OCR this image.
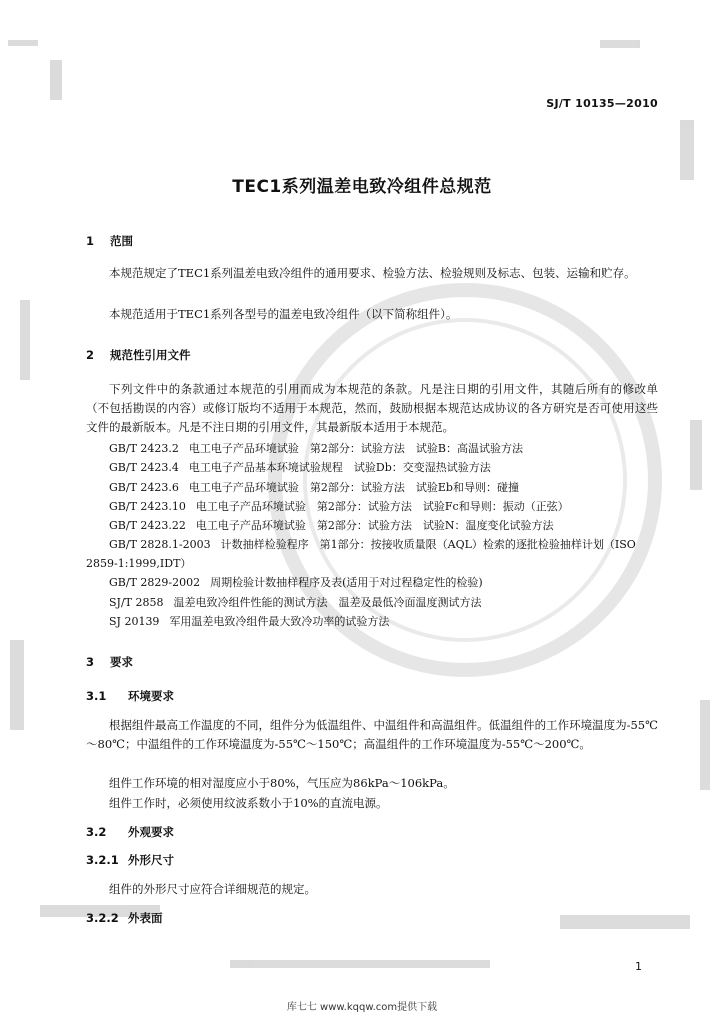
SJ/T 10135—2010
TEC1系列温差电致冷组件总规范
1 范围
本规范规定了TEC1系列温差电致冷组件的通用要求、检验方法、检验规则及标志、包装、运输和贮存。
本规范适用于TEC1系列各型号的温差电致冷组件（以下简称组件）。
2 规范性引用文件
下列文件中的条款通过本规范的引用而成为本规范的条款。凡是注日期的引用文件，其随后所有的修改单（不包括勘误的内容）或修订版均不适用于本规范，然而，鼓励根据本规范达成协议的各方研究是否可使用这些文件的最新版本。凡是不注日期的引用文件，其最新版本适用于本规范。
GB/T 2423.2 电工电子产品环境试验　第2部分：试验方法　试验B：高温试验方法
GB/T 2423.4 电工电子产品基本环境试验规程　试验Db：交变湿热试验方法
GB/T 2423.6 电工电子产品环境试验　第2部分：试验方法　试验Eb和导则：碰撞
GB/T 2423.10 电工电子产品环境试验　第2部分：试验方法　试验Fc和导则：振动（正弦）
GB/T 2423.22 电工电子产品环境试验　第2部分：试验方法　试验N：温度变化试验方法
GB/T 2828.1-2003 计数抽样检验程序　第1部分：按接收质量限（AQL）检索的逐批检验抽样计划（ISO 2859-1:1999,IDT）
GB/T 2829-2002 周期检验计数抽样程序及表(适用于对过程稳定性的检验)
SJ/T 2858 温差电致冷组件性能的测试方法　温差及最低冷面温度测试方法
SJ 20139 军用温差电致冷组件最大致冷功率的试验方法
3 要求
3.1 环境要求
根据组件最高工作温度的不同，组件分为低温组件、中温组件和高温组件。低温组件的工作环境温度为-55℃～80℃；中温组件的工作环境温度为-55℃～150℃；高温组件的工作环境温度为-55℃～200℃。
组件工作环境的相对湿度应小于80%，气压应为86kPa～106kPa。
组件工作时，必须使用纹波系数小于10%的直流电源。
3.2 外观要求
3.2.1 外形尺寸
组件的外形尺寸应符合详细规范的规定。
3.2.2 外表面
1
库七七 www.kqqw.com提供下载
